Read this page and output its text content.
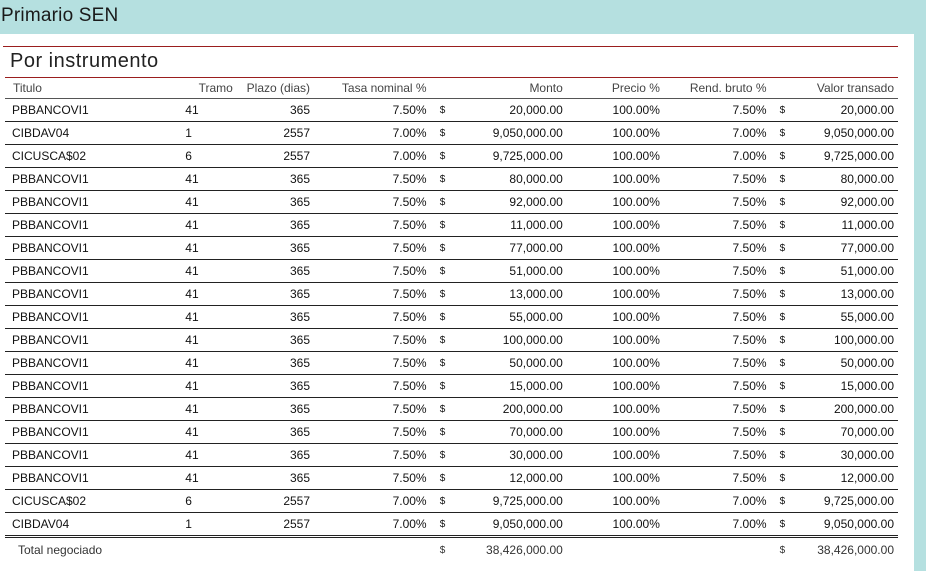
Primario SEN
Por instrumento
Titulo	Tramo	Plazo (dias)	Tasa nominal %		Monto	Precio %	Rend. bruto %		Valor transado
PBBANCOVI1	41	365	7.50%	$	20,000.00	100.00%	7.50%	$	20,000.00
CIBDAV04	1	2557	7.00%	$	9,050,000.00	100.00%	7.00%	$	9,050,000.00
CICUSCA$02	6	2557	7.00%	$	9,725,000.00	100.00%	7.00%	$	9,725,000.00
PBBANCOVI1	41	365	7.50%	$	80,000.00	100.00%	7.50%	$	80,000.00
PBBANCOVI1	41	365	7.50%	$	92,000.00	100.00%	7.50%	$	92,000.00
PBBANCOVI1	41	365	7.50%	$	11,000.00	100.00%	7.50%	$	11,000.00
PBBANCOVI1	41	365	7.50%	$	77,000.00	100.00%	7.50%	$	77,000.00
PBBANCOVI1	41	365	7.50%	$	51,000.00	100.00%	7.50%	$	51,000.00
PBBANCOVI1	41	365	7.50%	$	13,000.00	100.00%	7.50%	$	13,000.00
PBBANCOVI1	41	365	7.50%	$	55,000.00	100.00%	7.50%	$	55,000.00
PBBANCOVI1	41	365	7.50%	$	100,000.00	100.00%	7.50%	$	100,000.00
PBBANCOVI1	41	365	7.50%	$	50,000.00	100.00%	7.50%	$	50,000.00
PBBANCOVI1	41	365	7.50%	$	15,000.00	100.00%	7.50%	$	15,000.00
PBBANCOVI1	41	365	7.50%	$	200,000.00	100.00%	7.50%	$	200,000.00
PBBANCOVI1	41	365	7.50%	$	70,000.00	100.00%	7.50%	$	70,000.00
PBBANCOVI1	41	365	7.50%	$	30,000.00	100.00%	7.50%	$	30,000.00
PBBANCOVI1	41	365	7.50%	$	12,000.00	100.00%	7.50%	$	12,000.00
CICUSCA$02	6	2557	7.00%	$	9,725,000.00	100.00%	7.00%	$	9,725,000.00
CIBDAV04	1	2557	7.00%	$	9,050,000.00	100.00%	7.00%	$	9,050,000.00
Total negociado				$	38,426,000.00			$	38,426,000.00
